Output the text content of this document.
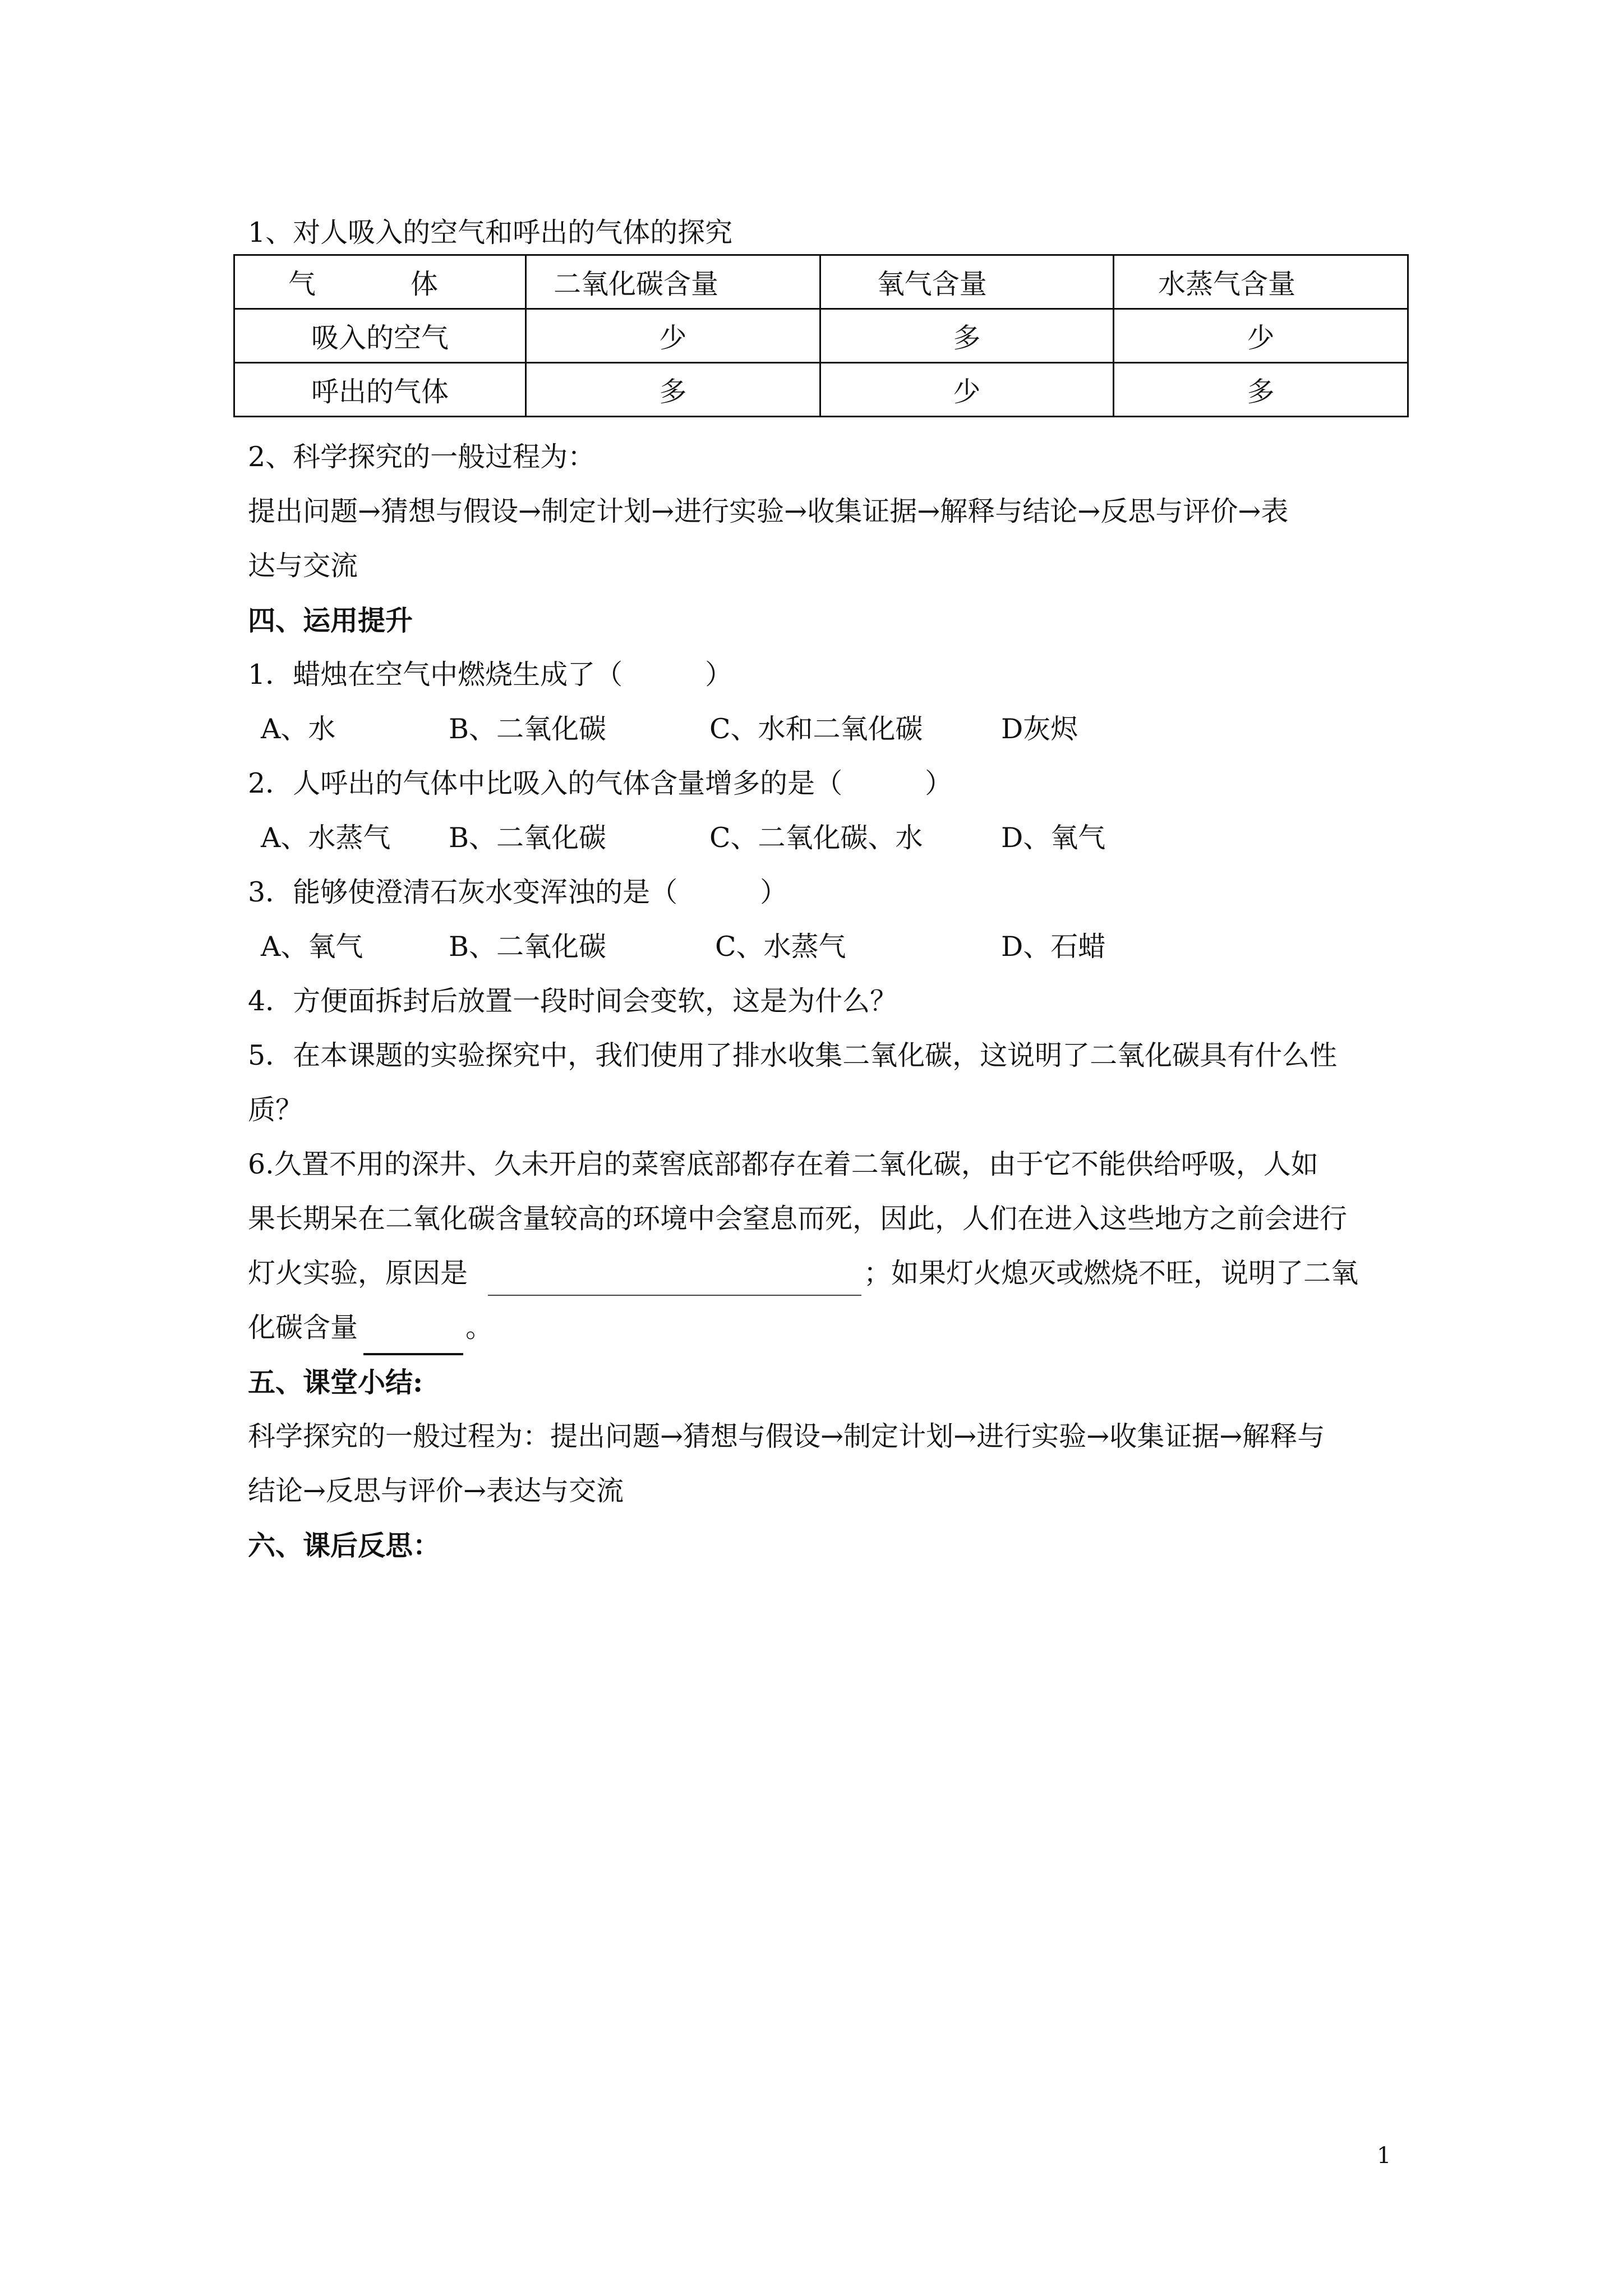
1、对人吸入的空气和呼出的气体的探究
气　体	二氧化碳含量	氧气含量	水蒸气含量
吸入的空气	少	多	少
呼出的气体	多	少	多
2、科学探究的一般过程为：
提出问题→猜想与假设→制定计划→进行实验→收集证据→解释与结论→反思与评价→表
达与交流
四、运用提升
1．蜡烛在空气中燃烧生成了（　　　）
A、水	B、二氧化碳	C、水和二氧化碳	D灰烬
2．人呼出的气体中比吸入的气体含量增多的是（　　　）
A、水蒸气 B、二氧化碳	C、二氧化碳、水	D、氧气
3．能够使澄清石灰水变浑浊的是（　　　）
A、氧气	B、二氧化碳	C、水蒸气	D、石蜡
4．方便面拆封后放置一段时间会变软，这是为什么？
5．在本课题的实验探究中，我们使用了排水收集二氧化碳，这说明了二氧化碳具有什么性
质？
6.久置不用的深井、久未开启的菜窖底部都存在着二氧化碳，由于它不能供给呼吸，人如
果长期呆在二氧化碳含量较高的环境中会窒息而死，因此，人们在进入这些地方之前会进行
灯火实验，原因是	；如果灯火熄灭或燃烧不旺，说明了二氧
化碳含量	。
五、课堂小结:
科学探究的一般过程为：提出问题→猜想与假设→制定计划→进行实验→收集证据→解释与
结论→反思与评价→表达与交流
六、课后反思：
1
